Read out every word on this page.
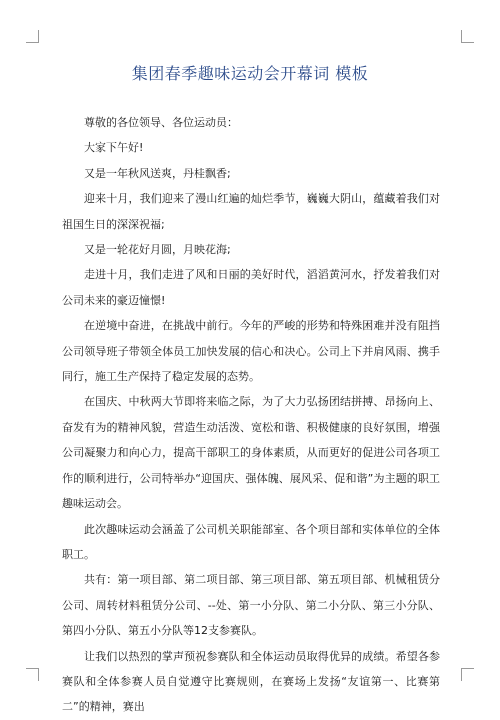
集团春季趣味运动会开幕词 模板

尊敬的各位领导、各位运动员：

大家下午好!

又是一年秋风送爽，丹桂飘香;

迎来十月，我们迎来了漫山红遍的灿烂季节，巍巍大阴山，蕴藏着我们对祖国生日的深深祝福;

又是一轮花好月圆，月映花海;

走进十月，我们走进了风和日丽的美好时代，滔滔黄河水，抒发着我们对公司未来的豪迈憧憬!

在逆境中奋进，在挑战中前行。今年的严峻的形势和特殊困难并没有阻挡公司领导班子带领全体员工加快发展的信心和决心。公司上下并肩风雨、携手同行，施工生产保持了稳定发展的态势。

在国庆、中秋两大节即将来临之际，为了大力弘扬团结拼搏、昂扬向上、奋发有为的精神风貌，营造生动活泼、宽松和谐、积极健康的良好氛围，增强公司凝聚力和向心力，提高干部职工的身体素质，从而更好的促进公司各项工作的顺利进行，公司特举办“迎国庆、强体魄、展风采、促和谐”为主题的职工趣味运动会。

此次趣味运动会涵盖了公司机关职能部室、各个项目部和实体单位的全体职工。

共有：第一项目部、第二项目部、第三项目部、第五项目部、机械租赁分公司、周转材料租赁分公司、--处、第一小分队、第二小分队、第三小分队、第四小分队、第五小分队等12支参赛队。

让我们以热烈的掌声预祝参赛队和全体运动员取得优异的成绩。希望各参赛队和全体参赛人员自觉遵守比赛规则，在赛场上发扬“友谊第一、比赛第二”的精神，赛出
